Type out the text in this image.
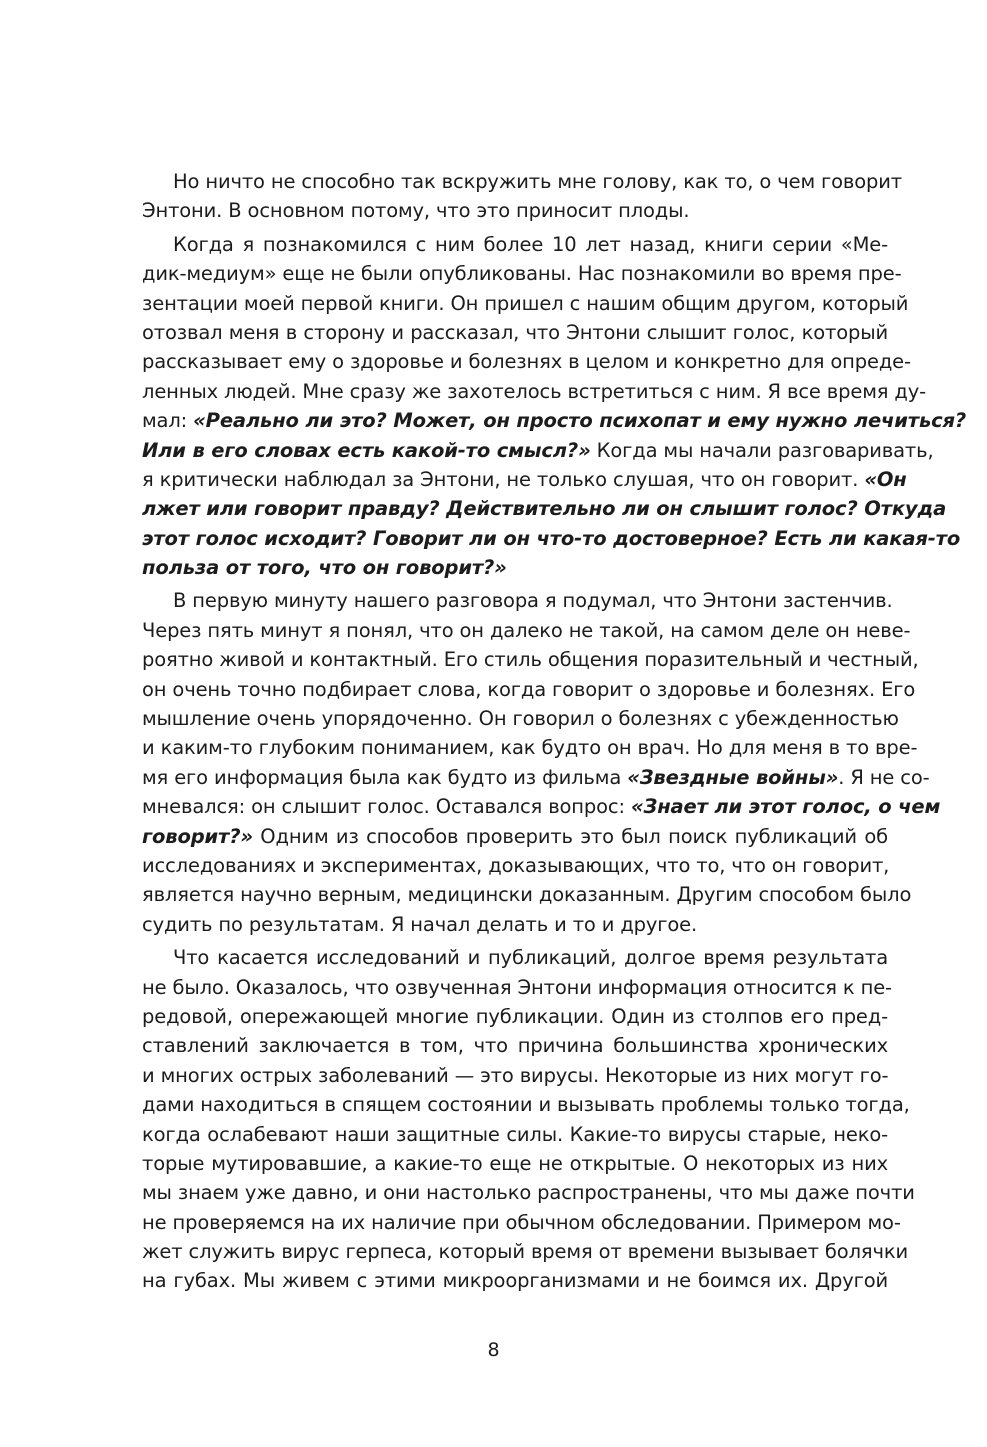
Но ничто не способно так вскружить мне голову, как то, о чем говорит
Энтони. В основном потому, что это приносит плоды.
Когда я познакомился с ним более 10 лет назад, книги серии «Ме-
дик-медиум» еще не были опубликованы. Нас познакомили во время пре-
зентации моей первой книги. Он пришел с нашим общим другом, который
отозвал меня в сторону и рассказал, что Энтони слышит голос, который
рассказывает ему о здоровье и болезнях в целом и конкретно для опреде-
ленных людей. Мне сразу же захотелось встретиться с ним. Я все время ду-
мал: «Реально ли это? Может, он просто психопат и ему нужно лечиться?
Или в его словах есть какой-то смысл?» Когда мы начали разговаривать,
я критически наблюдал за Энтони, не только слушая, что он говорит. «Он
лжет или говорит правду? Действительно ли он слышит голос? Откуда
этот голос исходит? Говорит ли он что-то достоверное? Есть ли какая-то
польза от того, что он говорит?»
В первую минуту нашего разговора я подумал, что Энтони застенчив.
Через пять минут я понял, что он далеко не такой, на самом деле он неве-
роятно живой и контактный. Его стиль общения поразительный и честный,
он очень точно подбирает слова, когда говорит о здоровье и болезнях. Его
мышление очень упорядоченно. Он говорил о болезнях с убежденностью
и каким-то глубоким пониманием, как будто он врач. Но для меня в то вре-
мя его информация была как будто из фильма «Звездные войны». Я не со-
мневался: он слышит голос. Оставался вопрос: «Знает ли этот голос, о чем
говорит?» Одним из способов проверить это был поиск публикаций об
исследованиях и экспериментах, доказывающих, что то, что он говорит,
является научно верным, медицински доказанным. Другим способом было
судить по результатам. Я начал делать и то и другое.
Что касается исследований и публикаций, долгое время результата
не было. Оказалось, что озвученная Энтони информация относится к пе-
редовой, опережающей многие публикации. Один из столпов его пред-
ставлений заключается в том, что причина большинства хронических
и многих острых заболеваний — это вирусы. Некоторые из них могут го-
дами находиться в спящем состоянии и вызывать проблемы только тогда,
когда ослабевают наши защитные силы. Какие-то вирусы старые, неко-
торые мутировавшие, а какие-то еще не открытые. О некоторых из них
мы знаем уже давно, и они настолько распространены, что мы даже почти
не проверяемся на их наличие при обычном обследовании. Примером мо-
жет служить вирус герпеса, который время от времени вызывает болячки
на губах. Мы живем с этими микроорганизмами и не боимся их. Другой
8
